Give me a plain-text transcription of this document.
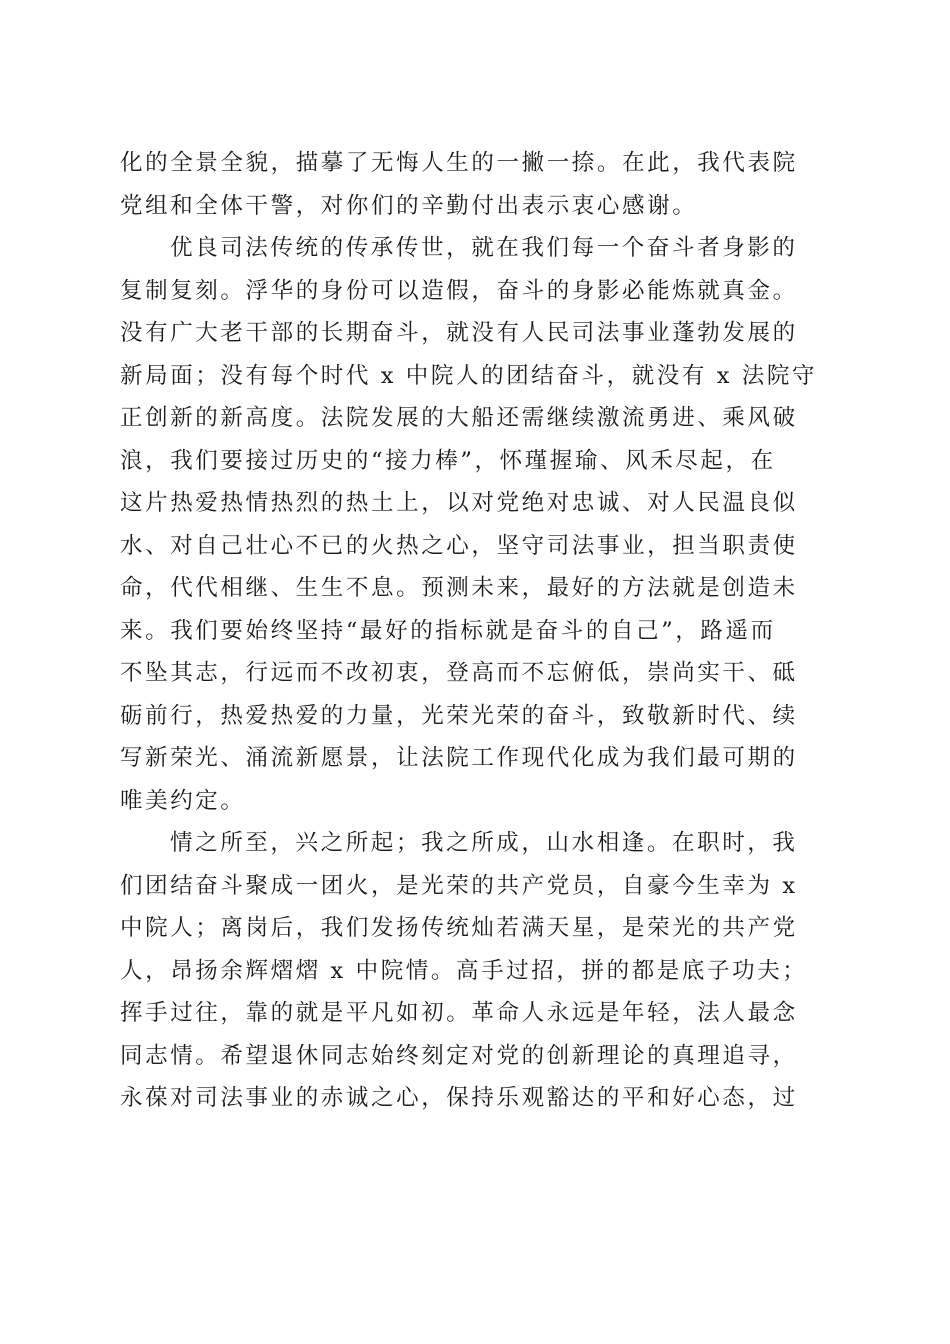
化的全景全貌，描摹了无悔人生的一撇一捺。在此，我代表院
党组和全体干警，对你们的辛勤付出表示衷心感谢。
优良司法传统的传承传世，就在我们每一个奋斗者身影的
复制复刻。浮华的身份可以造假，奋斗的身影必能炼就真金。
没有广大老干部的长期奋斗，就没有人民司法事业蓬勃发展的
新局面；没有每个时代 x 中院人的团结奋斗，就没有 x 法院守
正创新的新高度。法院发展的大船还需继续激流勇进、乘风破
浪，我们要接过历史的“接力棒”，怀瑾握瑜、风禾尽起，在
这片热爱热情热烈的热土上，以对党绝对忠诚、对人民温良似
水、对自己壮心不已的火热之心，坚守司法事业，担当职责使
命，代代相继、生生不息。预测未来，最好的方法就是创造未
来。我们要始终坚持“最好的指标就是奋斗的自己”，路遥而
不坠其志，行远而不改初衷，登高而不忘俯低，崇尚实干、砥
砺前行，热爱热爱的力量，光荣光荣的奋斗，致敬新时代、续
写新荣光、涌流新愿景，让法院工作现代化成为我们最可期的
唯美约定。
情之所至，兴之所起；我之所成，山水相逢。在职时，我
们团结奋斗聚成一团火，是光荣的共产党员，自豪今生幸为 x
中院人；离岗后，我们发扬传统灿若满天星，是荣光的共产党
人，昂扬余辉熠熠 x 中院情。高手过招，拼的都是底子功夫；
挥手过往，靠的就是平凡如初。革命人永远是年轻，法人最念
同志情。希望退休同志始终刻定对党的创新理论的真理追寻，
永葆对司法事业的赤诚之心，保持乐观豁达的平和好心态，过
